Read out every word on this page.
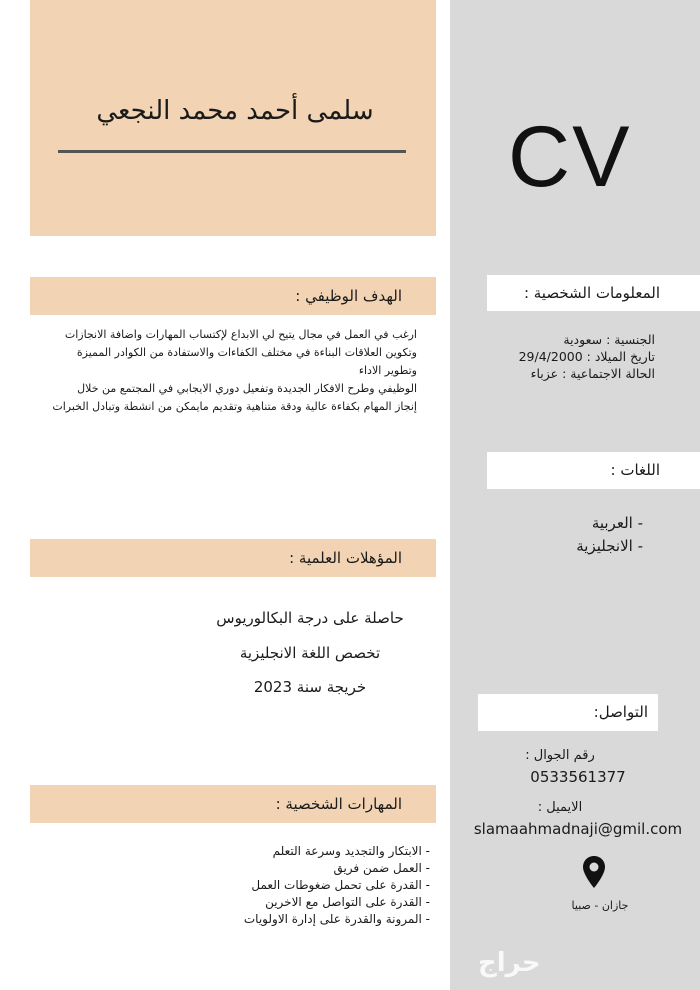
سلمى أحمد محمد النجعي	CV
الهدف الوظيفي :
ارغب في العمل في مجال يتيح لي الابداع لإكتساب المهارات واضافة الانجازات
وتكوين العلاقات البناءة في مختلف الكفاءات والاستفادة من الكوادر المميزة وتطوير الاداء
الوظيفي وطرح الافكار الجديدة وتفعيل دوري الايجابي في المجتمع من خلال
إنجاز المهام بكفاءة عالية ودقة متناهية وتقديم مايمكن من انشطة وتبادل الخبرات
المؤهلات العلمية :
حاصلة على درجة البكالوريوس
تخصص اللغة الانجليزية
خريجة سنة 2023
المهارات الشخصية :
- الابتكار والتجديد وسرعة التعلم
- العمل ضمن فريق
- القدرة على تحمل ضغوطات العمل
- القدرة على التواصل مع الاخرين
- المرونة والقدرة على إدارة الاولويات
المعلومات الشخصية :
الجنسية : سعودية
تاريخ الميلاد : 29/4/2000
الحالة الاجتماعية : عزباء
اللغات :
- العربية
- الانجليزية
التواصل:
رقم الجوال :
0533561377
الايميل :
slamaahmadnaji@gmil.com
جازان - صبيا
حراج
